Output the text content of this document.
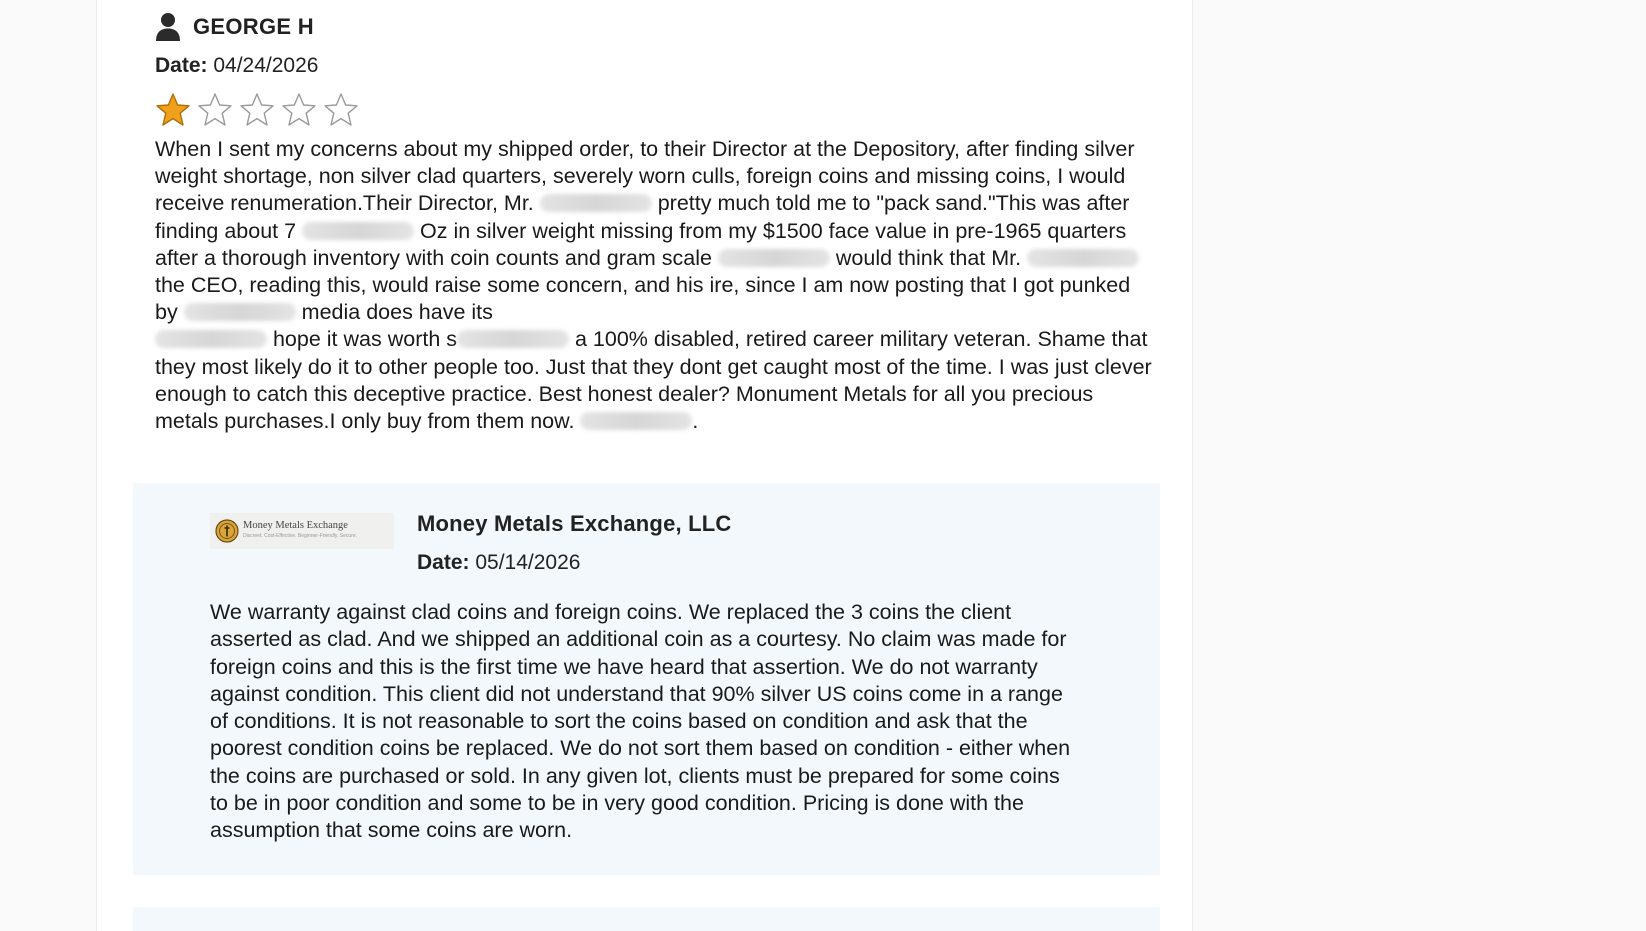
GEORGE H
Date: 04/24/2026
When I sent my concerns about my shipped order, to their Director at the Depository, after finding silver weight shortage, non silver clad quarters, severely worn culls, foreign coins and missing coins, I would receive renumeration.Their Director, Mr.	pretty much told me to "pack sand."This was after finding about 7	Oz in silver weight missing from my $1500 face value in pre-1965 quarters after a thorough inventory with coin counts and gram scale	would think that Mr.  the CEO, reading this, would raise some concern, and his ire, since I am now posting that I got punked by	media does have its
hope it was worth s	a 100% disabled, retired career military veteran. Shame that they most likely do it to other people too. Just that they dont get caught most of the time. I was just clever enough to catch this deceptive practice. Best honest dealer? Monument Metals for all you precious metals purchases.I only buy from them now.	.
Money Metals Exchange
Discreet. Cost-Effective. Beginner-Friendly. Secure.	Money Metals Exchange, LLC
Date: 05/14/2026
We warranty against clad coins and foreign coins. We replaced the 3 coins the client asserted as clad. And we shipped an additional coin as a courtesy. No claim was made for foreign coins and this is the first time we have heard that assertion. We do not warranty against condition. This client did not understand that 90% silver US coins come in a range of conditions. It is not reasonable to sort the coins based on condition and ask that the poorest condition coins be replaced. We do not sort them based on condition - either when the coins are purchased or sold. In any given lot, clients must be prepared for some coins to be in poor condition and some to be in very good condition. Pricing is done with the assumption that some coins are worn.
